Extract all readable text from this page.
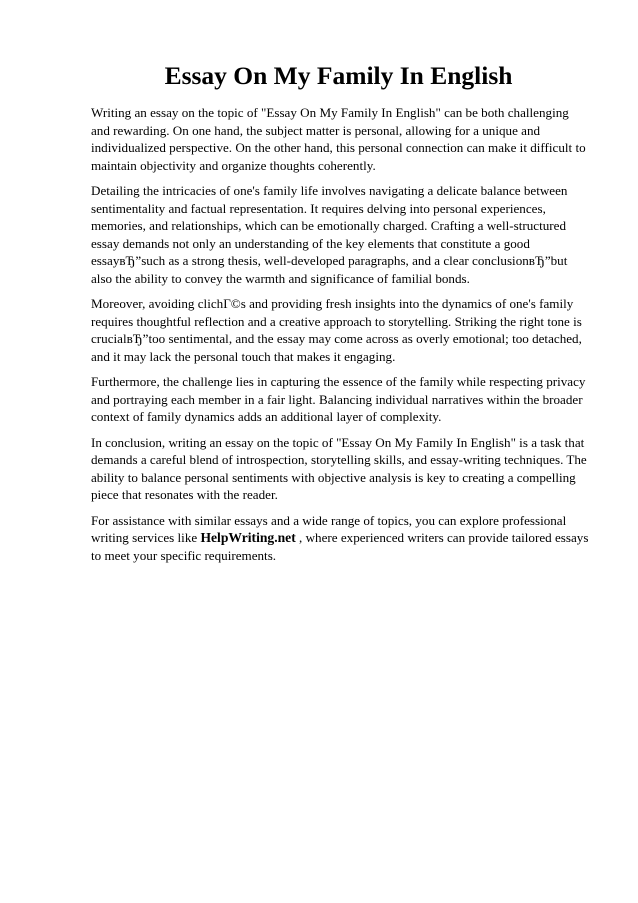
Essay On My Family In English

Writing an essay on the topic of "Essay On My Family In English" can be both challenging and rewarding. On one hand, the subject matter is personal, allowing for a unique and individualized perspective. On the other hand, this personal connection can make it difficult to maintain objectivity and organize thoughts coherently.

Detailing the intricacies of one's family life involves navigating a delicate balance between sentimentality and factual representation. It requires delving into personal experiences, memories, and relationships, which can be emotionally charged. Crafting a well-structured essay demands not only an understanding of the key elements that constitute a good essayвЂ”such as a strong thesis, well-developed paragraphs, and a clear conclusionвЂ”but also the ability to convey the warmth and significance of familial bonds.

Moreover, avoiding clichГ©s and providing fresh insights into the dynamics of one's family requires thoughtful reflection and a creative approach to storytelling. Striking the right tone is crucialвЂ”too sentimental, and the essay may come across as overly emotional; too detached, and it may lack the personal touch that makes it engaging.

Furthermore, the challenge lies in capturing the essence of the family while respecting privacy and portraying each member in a fair light. Balancing individual narratives within the broader context of family dynamics adds an additional layer of complexity.

In conclusion, writing an essay on the topic of "Essay On My Family In English" is a task that demands a careful blend of introspection, storytelling skills, and essay-writing techniques. The ability to balance personal sentiments with objective analysis is key to creating a compelling piece that resonates with the reader.

For assistance with similar essays and a wide range of topics, you can explore professional writing services like HelpWriting.net , where experienced writers can provide tailored essays to meet your specific requirements.
